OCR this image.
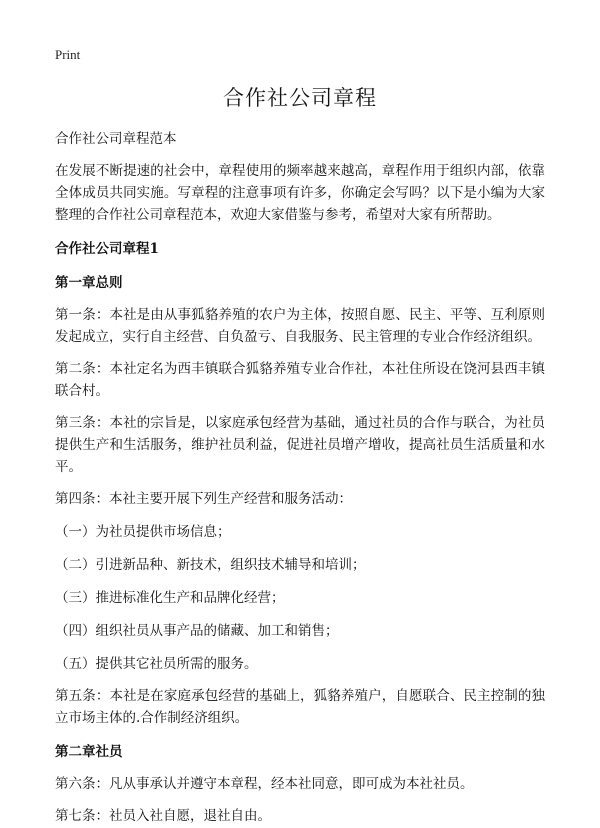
Print
合作社公司章程
合作社公司章程范本

在发展不断提速的社会中，章程使用的频率越来越高，章程作用于组织内部，依靠全体成员共同实施。写章程的注意事项有许多，你确定会写吗？以下是小编为大家整理的合作社公司章程范本，欢迎大家借鉴与参考，希望对大家有所帮助。

合作社公司章程1
第一章总则

第一条：本社是由从事狐貉养殖的农户为主体，按照自愿、民主、平等、互利原则发起成立，实行自主经营、自负盈亏、自我服务、民主管理的专业合作经济组织。

第二条：本社定名为西丰镇联合狐貉养殖专业合作社，本社住所设在饶河县西丰镇联合村。

第三条：本社的宗旨是，以家庭承包经营为基础，通过社员的合作与联合，为社员提供生产和生活服务，维护社员利益，促进社员增产增收，提高社员生活质量和水平。

第四条：本社主要开展下列生产经营和服务活动：

（一）为社员提供市场信息；
（二）引进新品种、新技术，组织技术辅导和培训；
（三）推进标准化生产和品牌化经营；
（四）组织社员从事产品的储藏、加工和销售；
（五）提供其它社员所需的服务。

第五条：本社是在家庭承包经营的基础上，狐貉养殖户，自愿联合、民主控制的独立市场主体的.合作制经济组织。

第二章社员

第六条：凡从事承认并遵守本章程，经本社同意，即可成为本社社员。

第七条：社员入社自愿，退社自由。
